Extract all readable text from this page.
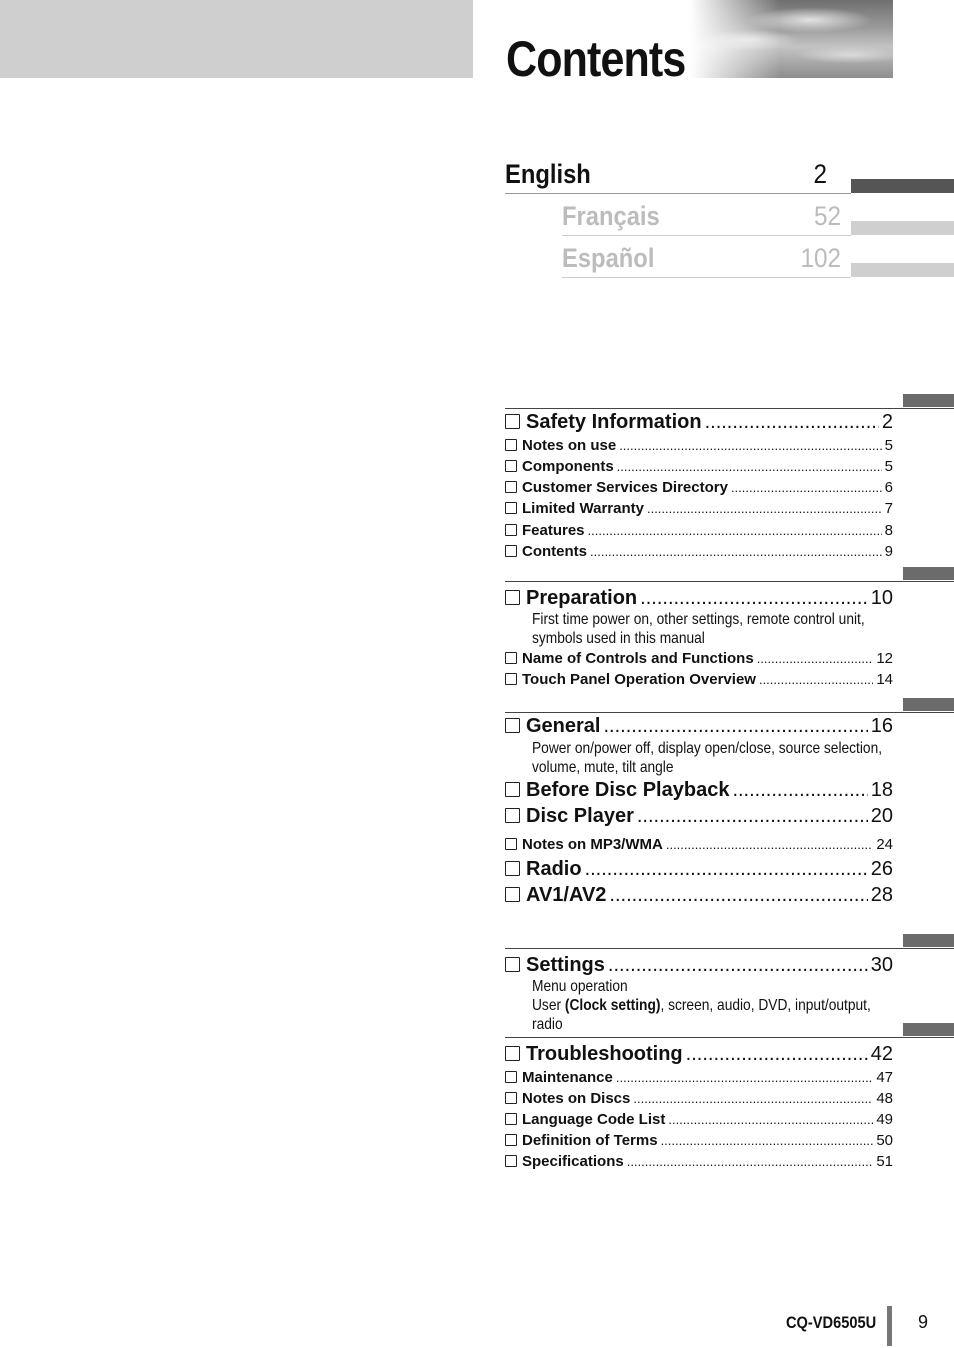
Contents
English	2
Français	52
Español	102
Safety Information .....	2
Notes on use .....	5
Components .....	5
Customer Services Directory .....	6
Limited Warranty .....	7
Features .....	8
Contents .....	9
Preparation .....	10
First time power on, other settings, remote control unit, symbols used in this manual
Name of Controls and Functions .....	12
Touch Panel Operation Overview .....	14
General .....	16
Power on/power off, display open/close, source selection, volume, mute, tilt angle
Before Disc Playback .....	18
Disc Player .....	20
Notes on MP3/WMA .....	24
Radio .....	26
AV1/AV2 .....	28
Settings .....	30
Menu operation
User (Clock setting), screen, audio, DVD, input/output, radio
Troubleshooting .....	42
Maintenance .....	47
Notes on Discs .....	48
Language Code List .....	49
Definition of Terms .....	50
Specifications .....	51
CQ-VD6505U 9
